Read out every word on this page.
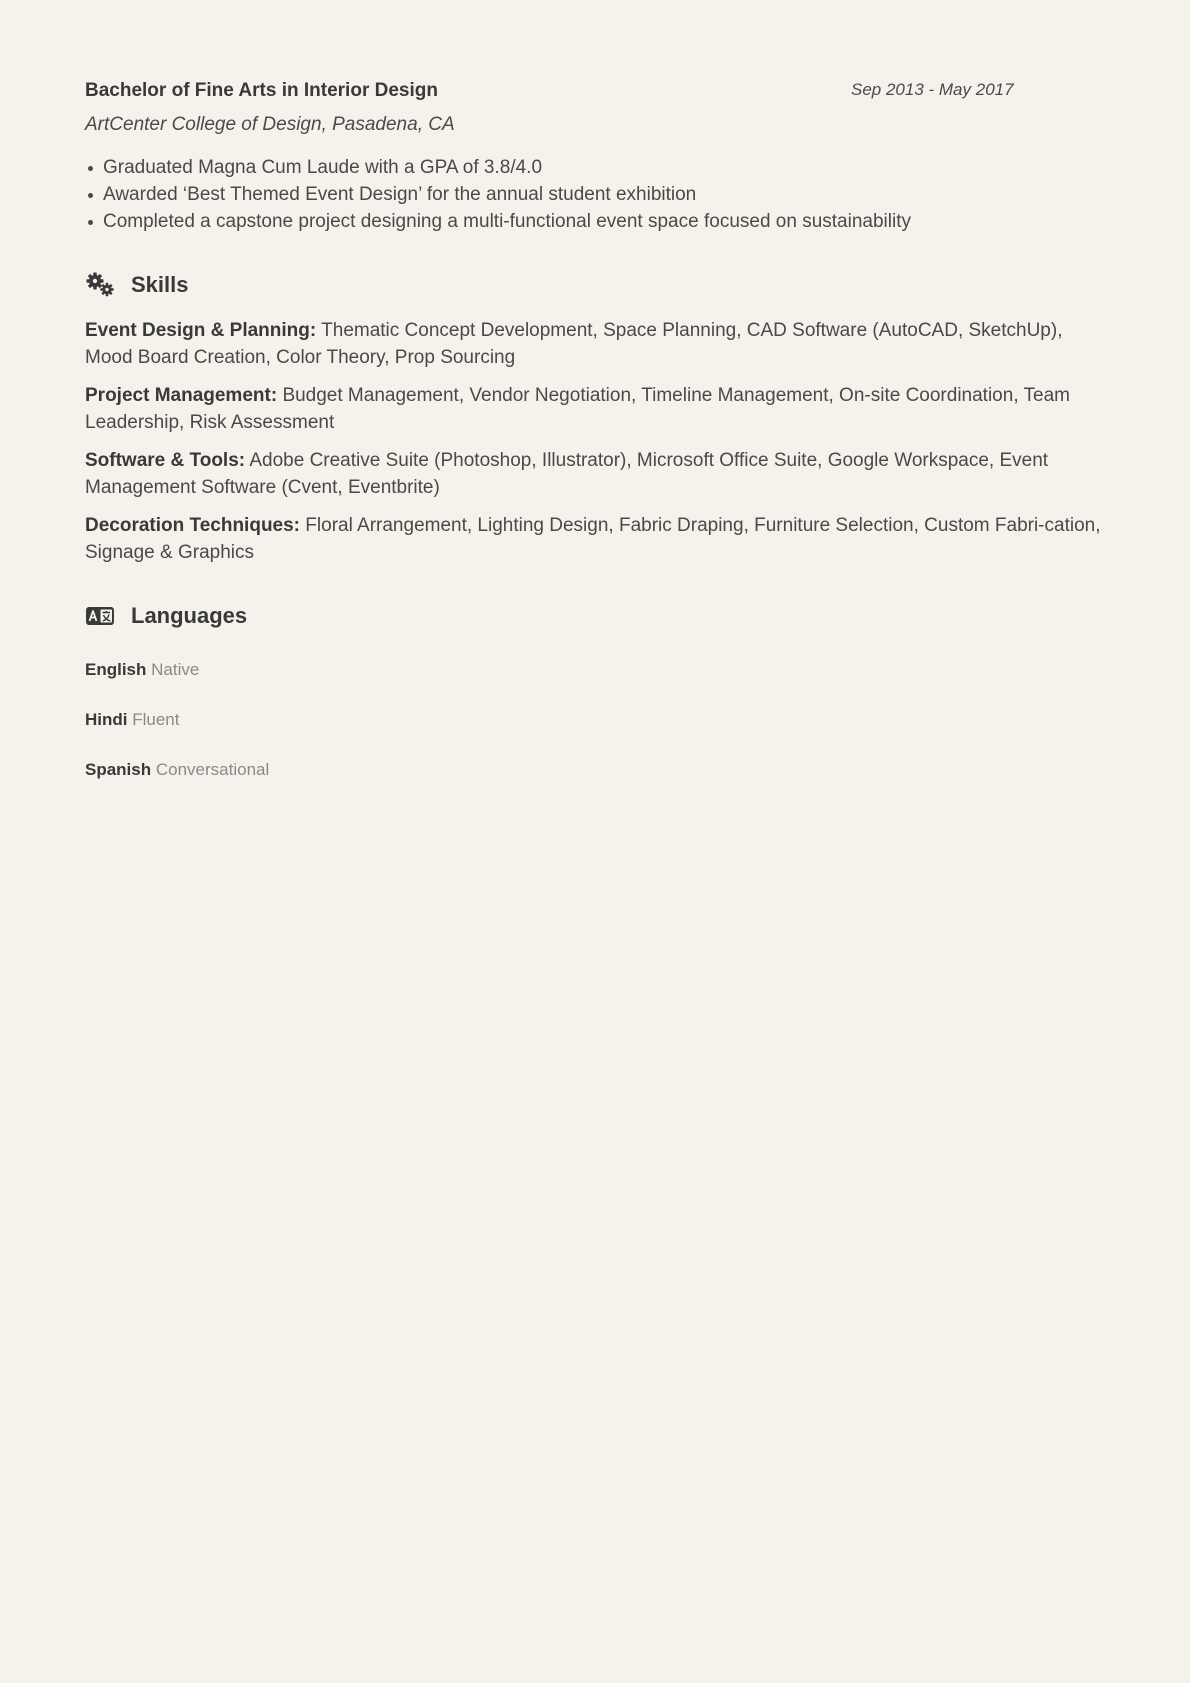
Bachelor of Fine Arts in Interior Design	Sep 2013 - May 2017
ArtCenter College of Design, Pasadena, CA
Graduated Magna Cum Laude with a GPA of 3.8/4.0
Awarded ‘Best Themed Event Design’ for the annual student exhibition
Completed a capstone project designing a multi-functional event space focused on sustainability
Skills
Event Design & Planning: Thematic Concept Development, Space Planning, CAD Software (AutoCAD, SketchUp), Mood Board Creation, Color Theory, Prop Sourcing
Project Management: Budget Management, Vendor Negotiation, Timeline Management, On-site Coordination, Team Leadership, Risk Assessment
Software & Tools: Adobe Creative Suite (Photoshop, Illustrator), Microsoft Office Suite, Google Workspace, Event Management Software (Cvent, Eventbrite)
Decoration Techniques: Floral Arrangement, Lighting Design, Fabric Draping, Furniture Selection, Custom Fabri-cation, Signage & Graphics
Languages
English Native
Hindi Fluent
Spanish Conversational
